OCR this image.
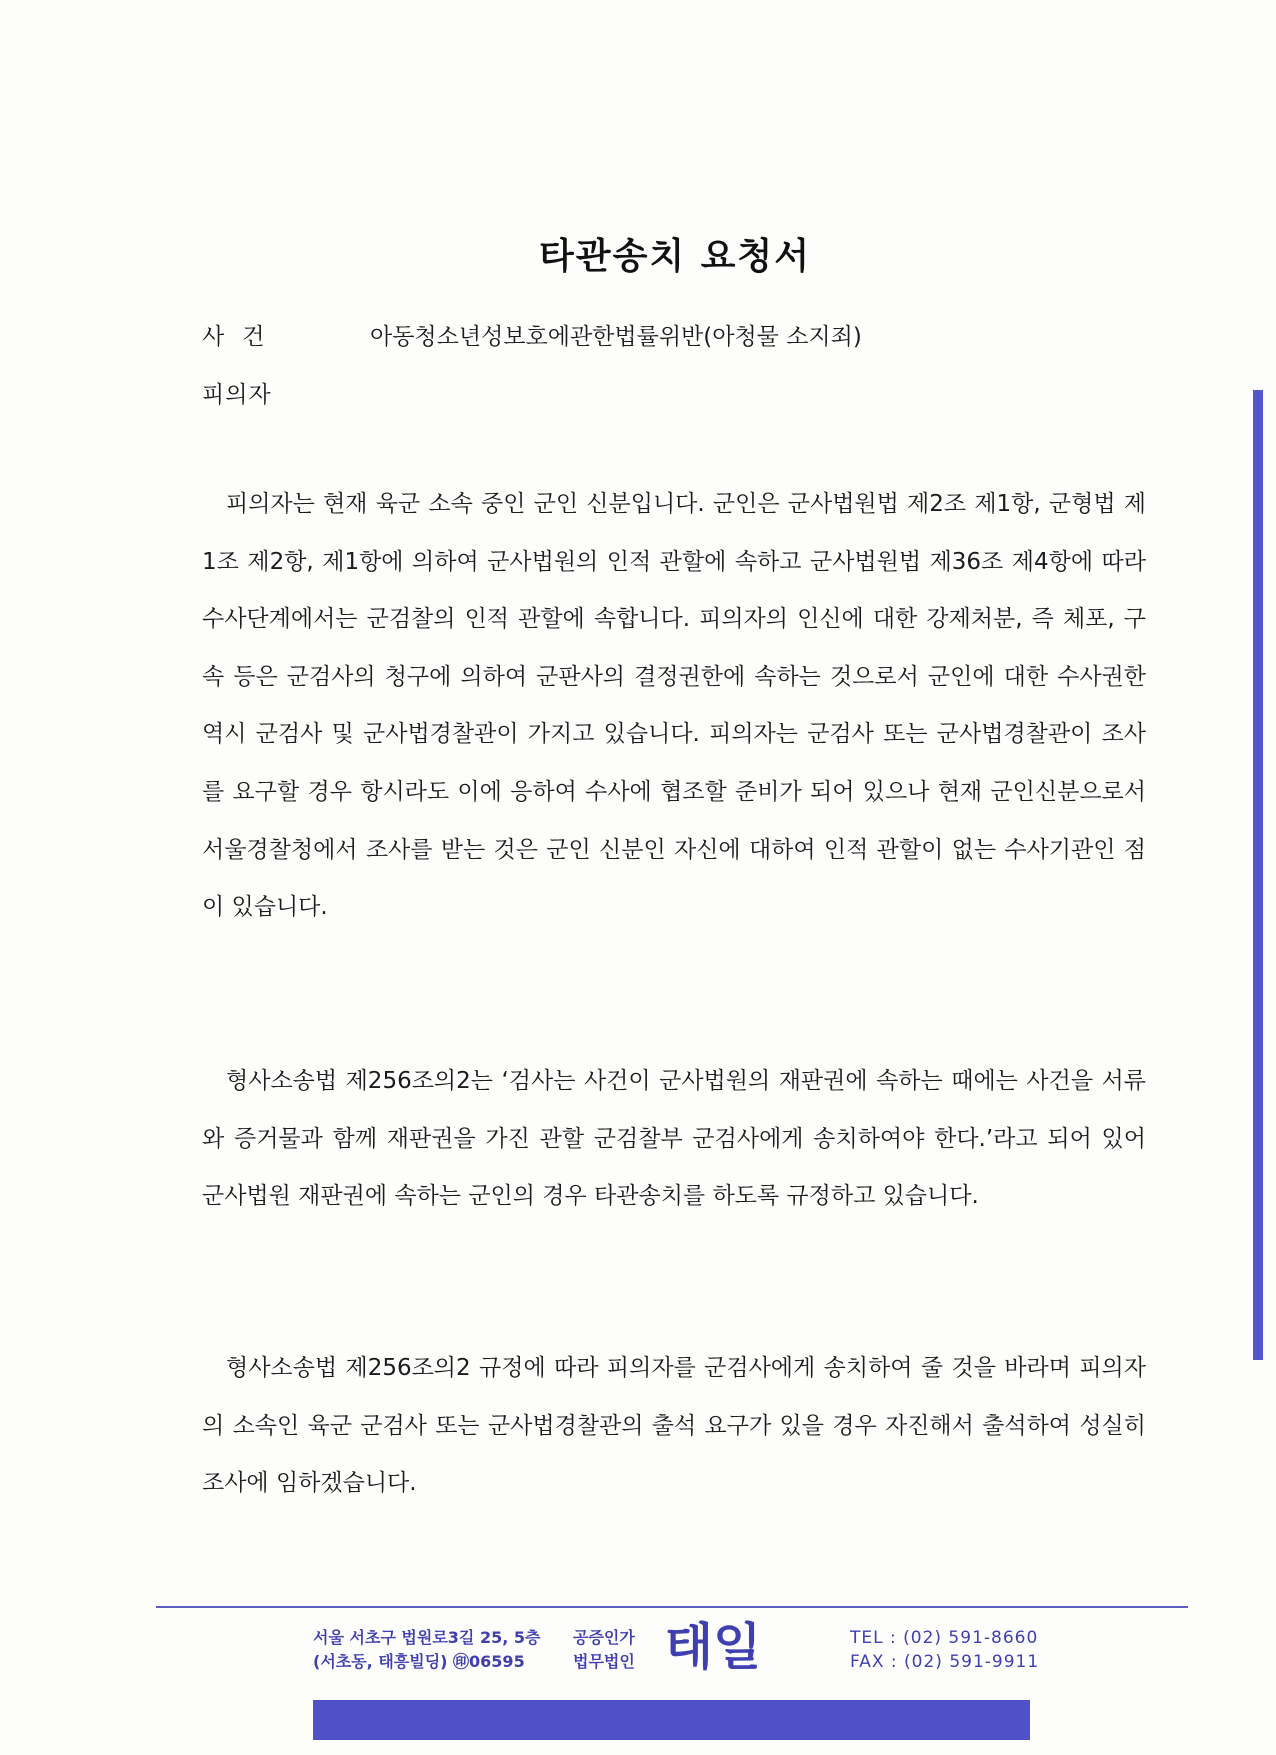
타관송치 요청서
사건	아동청소년성보호에관한법률위반(아청물 소지죄)
피의자
피의자는 현재 육군 소속 중인 군인 신분입니다. 군인은 군사법원법 제2조 제1항, 군형법 제1조 제2항, 제1항에 의하여 군사법원의 인적 관할에 속하고 군사법원법 제36조 제4항에 따라 수사단계에서는 군검찰의 인적 관할에 속합니다. 피의자의 인신에 대한 강제처분, 즉 체포, 구속 등은 군검사의 청구에 의하여 군판사의 결정권한에 속하는 것으로서 군인에 대한 수사권한 역시 군검사 및 군사법경찰관이 가지고 있습니다. 피의자는 군검사 또는 군사법경찰관이 조사를 요구할 경우 항시라도 이에 응하여 수사에 협조할 준비가 되어 있으나 현재 군인신분으로서 서울경찰청에서 조사를 받는 것은 군인 신분인 자신에 대하여 인적 관할이 없는 수사기관인 점이 있습니다.
형사소송법 제256조의2는 ‘검사는 사건이 군사법원의 재판권에 속하는 때에는 사건을 서류와 증거물과 함께 재판권을 가진 관할 군검찰부 군검사에게 송치하여야 한다.’라고 되어 있어 군사법원 재판권에 속하는 군인의 경우 타관송치를 하도록 규정하고 있습니다.
형사소송법 제256조의2 규정에 따라 피의자를 군검사에게 송치하여 줄 것을 바라며 피의자의 소속인 육군 군검사 또는 군사법경찰관의 출석 요구가 있을 경우 자진해서 출석하여 성실히 조사에 임하겠습니다.
서울 서초구 법원로3길 25, 5층
(서초동, 태흥빌딩) ㊞06595
공증인가
법무법인 태일	TEL : (02) 591-8660
FAX : (02) 591-9911
